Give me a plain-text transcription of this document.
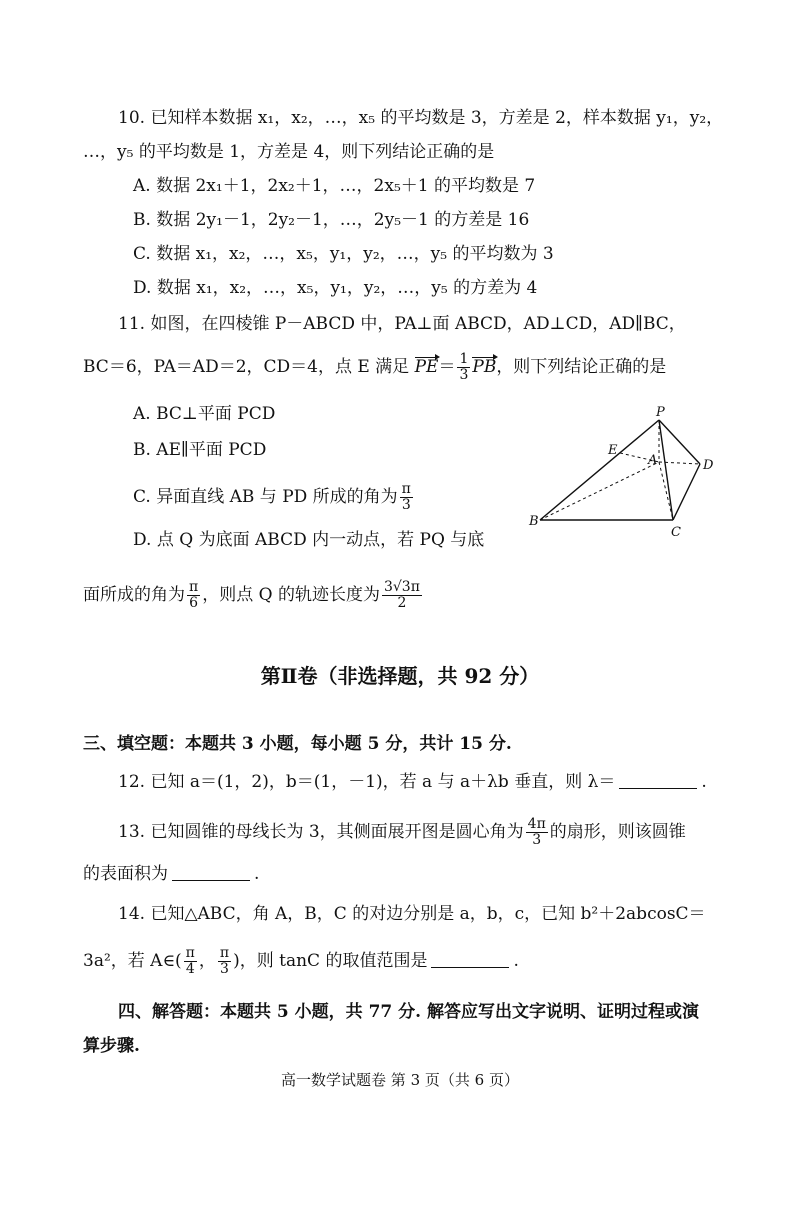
10. 已知样本数据 x₁，x₂，…，x₅ 的平均数是 3，方差是 2，样本数据 y₁，y₂，
…，y₅ 的平均数是 1，方差是 4，则下列结论正确的是
A. 数据 2x₁＋1，2x₂＋1，…，2x₅＋1 的平均数是 7
B. 数据 2y₁－1，2y₂－1，…，2y₅－1 的方差是 16
C. 数据 x₁，x₂，…，x₅，y₁，y₂，…，y₅ 的平均数为 3
D. 数据 x₁，x₂，…，x₅，y₁，y₂，…，y₅ 的方差为 4
11. 如图，在四棱锥 P－ABCD 中，PA⊥面 ABCD，AD⊥CD，AD∥BC，
BC＝6，PA＝AD＝2，CD＝4，点 E 满足 $PE= \frac{1}{3}$ PB，则下列结论正确的是
A. BC⊥平面 PCD
B. AE∥平面 PCD
C. 异面直线 AB 与 PD 所成的角为 $\frac{\pi}{3}$
D. 点 Q 为底面 ABCD 内一动点，若 PQ 与底
面所成的角为 $\frac{\pi}{6}$ ，则点 Q 的轨迹长度为 $\frac{3√3\pi}{2}$
P
E
A	D
B
C
第Ⅱ卷（非选择题，共 92 分）
三、填空题：本题共 3 小题，每小题 5 分，共计 15 分.
12. 已知 a＝(1，2)，b＝(1，－1)，若 a 与 a＋λb 垂直，则 λ＝	.
13. 已知圆锥的母线长为 3，其侧面展开图是圆心角为 $\frac{4\pi}{3}$ 的扇形，则该圆锥
的表面积为	.
14. 已知△ABC，角 A，B，C 的对边分别是 a，b，c，已知 b²＋2abcosC＝
3a²，若 A∈( $\frac{\pi}{4}$ ， $\frac{\pi}{3}$ )，则 tanC 的取值范围是	.
四、解答题：本题共 5 小题，共 77 分. 解答应写出文字说明、证明过程或演
算步骤.
高一数学试题卷 第 3 页（共 6 页）
